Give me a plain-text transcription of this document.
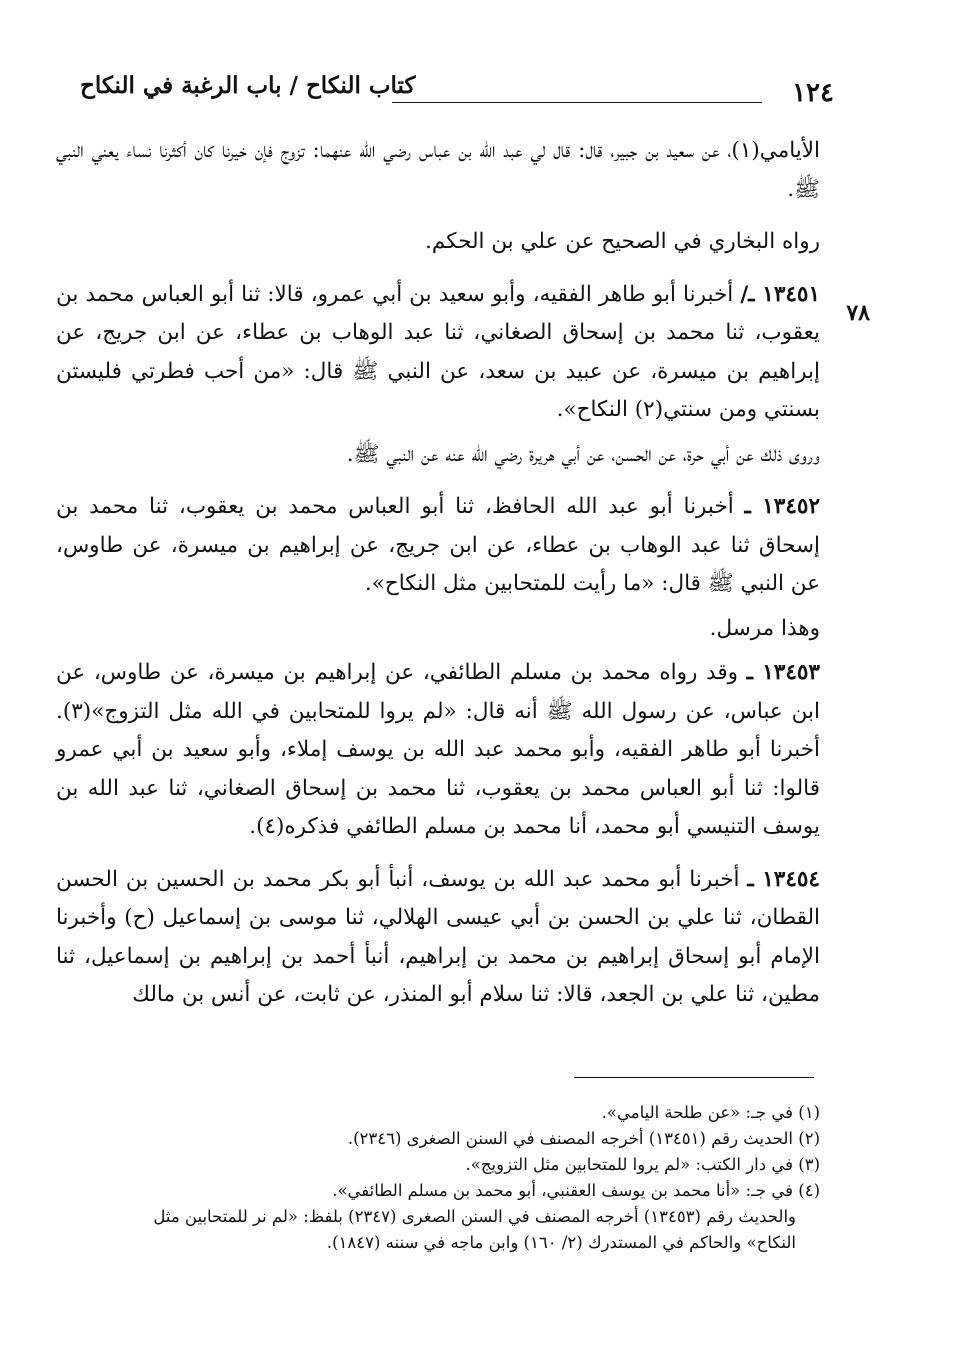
١٢٤
كتاب النكاح / باب الرغبة في النكاح
٧٨

الأيامي(١)، عن سعيد بن جبير، قال: قال لي عبد الله بن عباس رضي الله عنهما: تزوج فإن خيرنا كان أكثرنا نساء يعني النبي ﷺ.

رواه البخاري في الصحيح عن علي بن الحكم.

١٣٤٥١ ـ/ أخبرنا أبو طاهر الفقيه، وأبو سعيد بن أبي عمرو، قالا: ثنا أبو العباس محمد بن يعقوب، ثنا محمد بن إسحاق الصغاني، ثنا عبد الوهاب بن عطاء، عن ابن جريج، عن إبراهيم بن ميسرة، عن عبيد بن سعد، عن النبي ﷺ قال: «من أحب فطرتي فليستن بسنتي ومن سنتي(٢) النكاح».

وروى ذلك عن أبي حرة، عن الحسن، عن أبي هريرة رضي الله عنه عن النبي ﷺ.

١٣٤٥٢ ـ أخبرنا أبو عبد الله الحافظ، ثنا أبو العباس محمد بن يعقوب، ثنا محمد بن إسحاق ثنا عبد الوهاب بن عطاء، عن ابن جريج، عن إبراهيم بن ميسرة، عن طاوس، عن النبي ﷺ قال: «ما رأيت للمتحابين مثل النكاح».

وهذا مرسل.

١٣٤٥٣ ـ وقد رواه محمد بن مسلم الطائفي، عن إبراهيم بن ميسرة، عن طاوس، عن ابن عباس، عن رسول الله ﷺ أنه قال: «لم يروا للمتحابين في الله مثل التزوج»(٣). أخبرنا أبو طاهر الفقيه، وأبو محمد عبد الله بن يوسف إملاء، وأبو سعيد بن أبي عمرو قالوا: ثنا أبو العباس محمد بن يعقوب، ثنا محمد بن إسحاق الصغاني، ثنا عبد الله بن يوسف التنيسي أبو محمد، أنا محمد بن مسلم الطائفي فذكره(٤).

١٣٤٥٤ ـ أخبرنا أبو محمد عبد الله بن يوسف، أنبأ أبو بكر محمد بن الحسين بن الحسن القطان، ثنا علي بن الحسن بن أبي عيسى الهلالي، ثنا موسى بن إسماعيل (ح) وأخبرنا الإمام أبو إسحاق إبراهيم بن محمد بن إبراهيم، أنبأ أحمد بن إبراهيم بن إسماعيل، ثنا مطين، ثنا علي بن الجعد، قالا: ثنا سلام أبو المنذر، عن ثابت، عن أنس بن مالك

(١) في جـ: «عن طلحة اليامي».

(٢) الحديث رقم (١٣٤٥١) أخرجه المصنف في السنن الصغرى (٢٣٤٦).

(٣) في دار الكتب: «لم يروا للمتحابين مثل التزويج».

(٤) في جـ: «أنا محمد بن يوسف العقنبي، أبو محمد بن مسلم الطائفي».

والحديث رقم (١٣٤٥٣) أخرجه المصنف في السنن الصغرى (٢٣٤٧) بلفظ: «لم نر للمتحابين مثل النكاح» والحاكم في المستدرك (٢/ ١٦٠) وابن ماجه في سننه (١٨٤٧).
